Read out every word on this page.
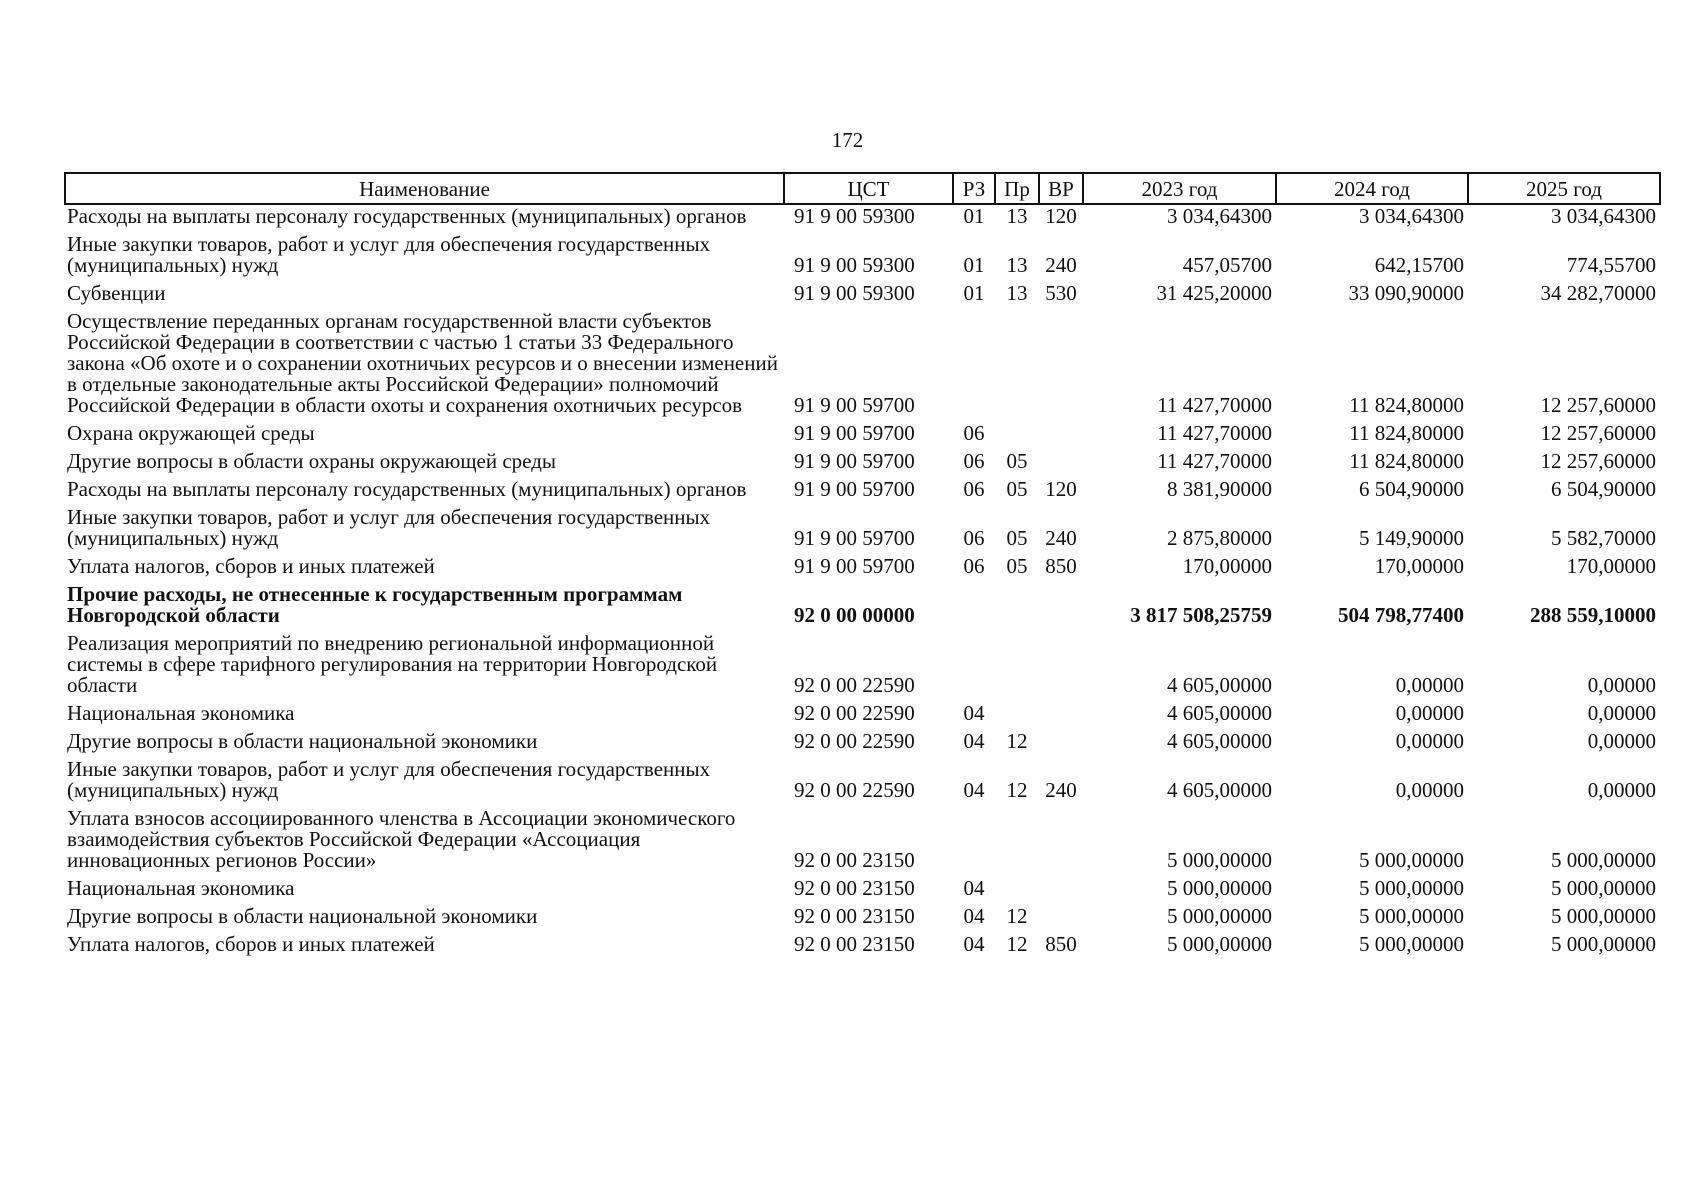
172
Наименование	ЦСТ	РЗ	Пр	ВР	2023 год	2024 год	2025 год
Расходы на выплаты персоналу государственных (муниципальных) органов	91 9 00 59300	01	13	120	3 034,64300	3 034,64300	3 034,64300
Иные закупки товаров, работ и услуг для обеспечения государственных (муниципальных) нужд	91 9 00 59300	01	13	240	457,05700	642,15700	774,55700
Субвенции	91 9 00 59300	01	13	530	31 425,20000	33 090,90000	34 282,70000
Осуществление переданных органам государственной власти субъектов Российской Федерации в соответствии с частью 1 статьи 33 Федерального закона «Об охоте и о сохранении охотничьих ресурсов и о внесении изменений в отдельные законодательные акты Российской Федерации» полномочий Российской Федерации в области охоты и сохранения охотничьих ресурсов	91 9 00 59700				11 427,70000	11 824,80000	12 257,60000
Охрана окружающей среды	91 9 00 59700	06			11 427,70000	11 824,80000	12 257,60000
Другие вопросы в области охраны окружающей среды	91 9 00 59700	06	05		11 427,70000	11 824,80000	12 257,60000
Расходы на выплаты персоналу государственных (муниципальных) органов	91 9 00 59700	06	05	120	8 381,90000	6 504,90000	6 504,90000
Иные закупки товаров, работ и услуг для обеспечения государственных (муниципальных) нужд	91 9 00 59700	06	05	240	2 875,80000	5 149,90000	5 582,70000
Уплата налогов, сборов и иных платежей	91 9 00 59700	06	05	850	170,00000	170,00000	170,00000
Прочие расходы, не отнесенные к государственным программам Новгородской области	92 0 00 00000				3 817 508,25759	504 798,77400	288 559,10000
Реализация мероприятий по внедрению региональной информационной системы в сфере тарифного регулирования на территории Новгородской области	92 0 00 22590				4 605,00000	0,00000	0,00000
Национальная экономика	92 0 00 22590	04			4 605,00000	0,00000	0,00000
Другие вопросы в области национальной экономики	92 0 00 22590	04	12		4 605,00000	0,00000	0,00000
Иные закупки товаров, работ и услуг для обеспечения государственных (муниципальных) нужд	92 0 00 22590	04	12	240	4 605,00000	0,00000	0,00000
Уплата взносов ассоциированного членства в Ассоциации экономического взаимодействия субъектов Российской Федерации «Ассоциация инновационных регионов России»	92 0 00 23150				5 000,00000	5 000,00000	5 000,00000
Национальная экономика	92 0 00 23150	04			5 000,00000	5 000,00000	5 000,00000
Другие вопросы в области национальной экономики	92 0 00 23150	04	12		5 000,00000	5 000,00000	5 000,00000
Уплата налогов, сборов и иных платежей	92 0 00 23150	04	12	850	5 000,00000	5 000,00000	5 000,00000
